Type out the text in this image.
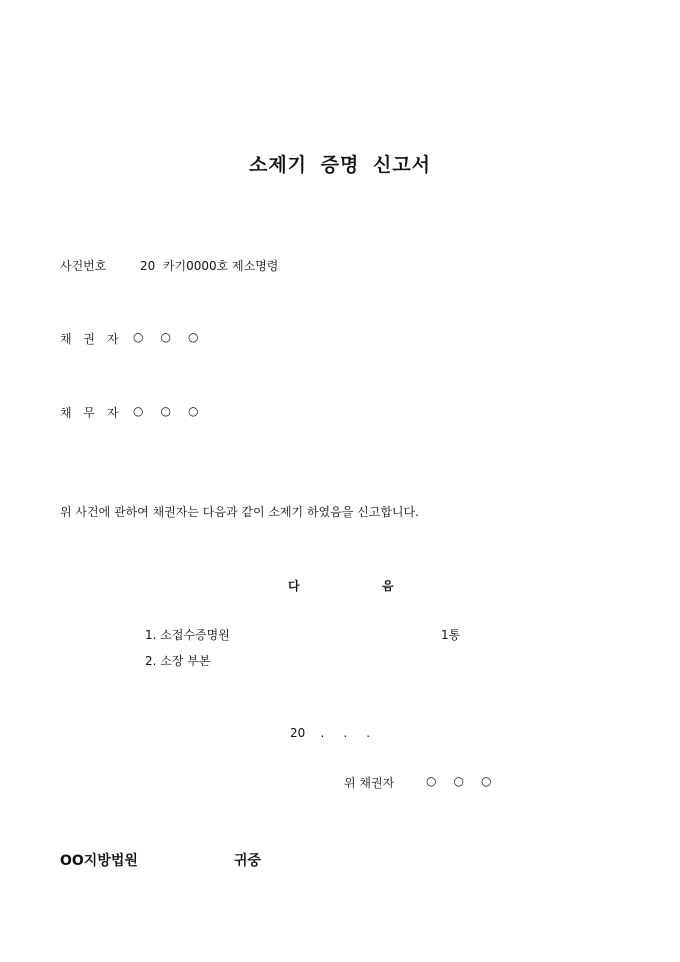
소제기 증명 신고서
사건번호	20  카기0000호 제소명령
채 권 자 ○ ○ ○
채 무 자 ○ ○ ○
위 사건에 관하여 채권자는 다음과 같이 소제기 하였음을 신고합니다.
다	음
1. 소접수증명원	1통
2. 소장 부본
20    .     .     .
위 채권자	○ ○ ○
OO지방법원	귀중
